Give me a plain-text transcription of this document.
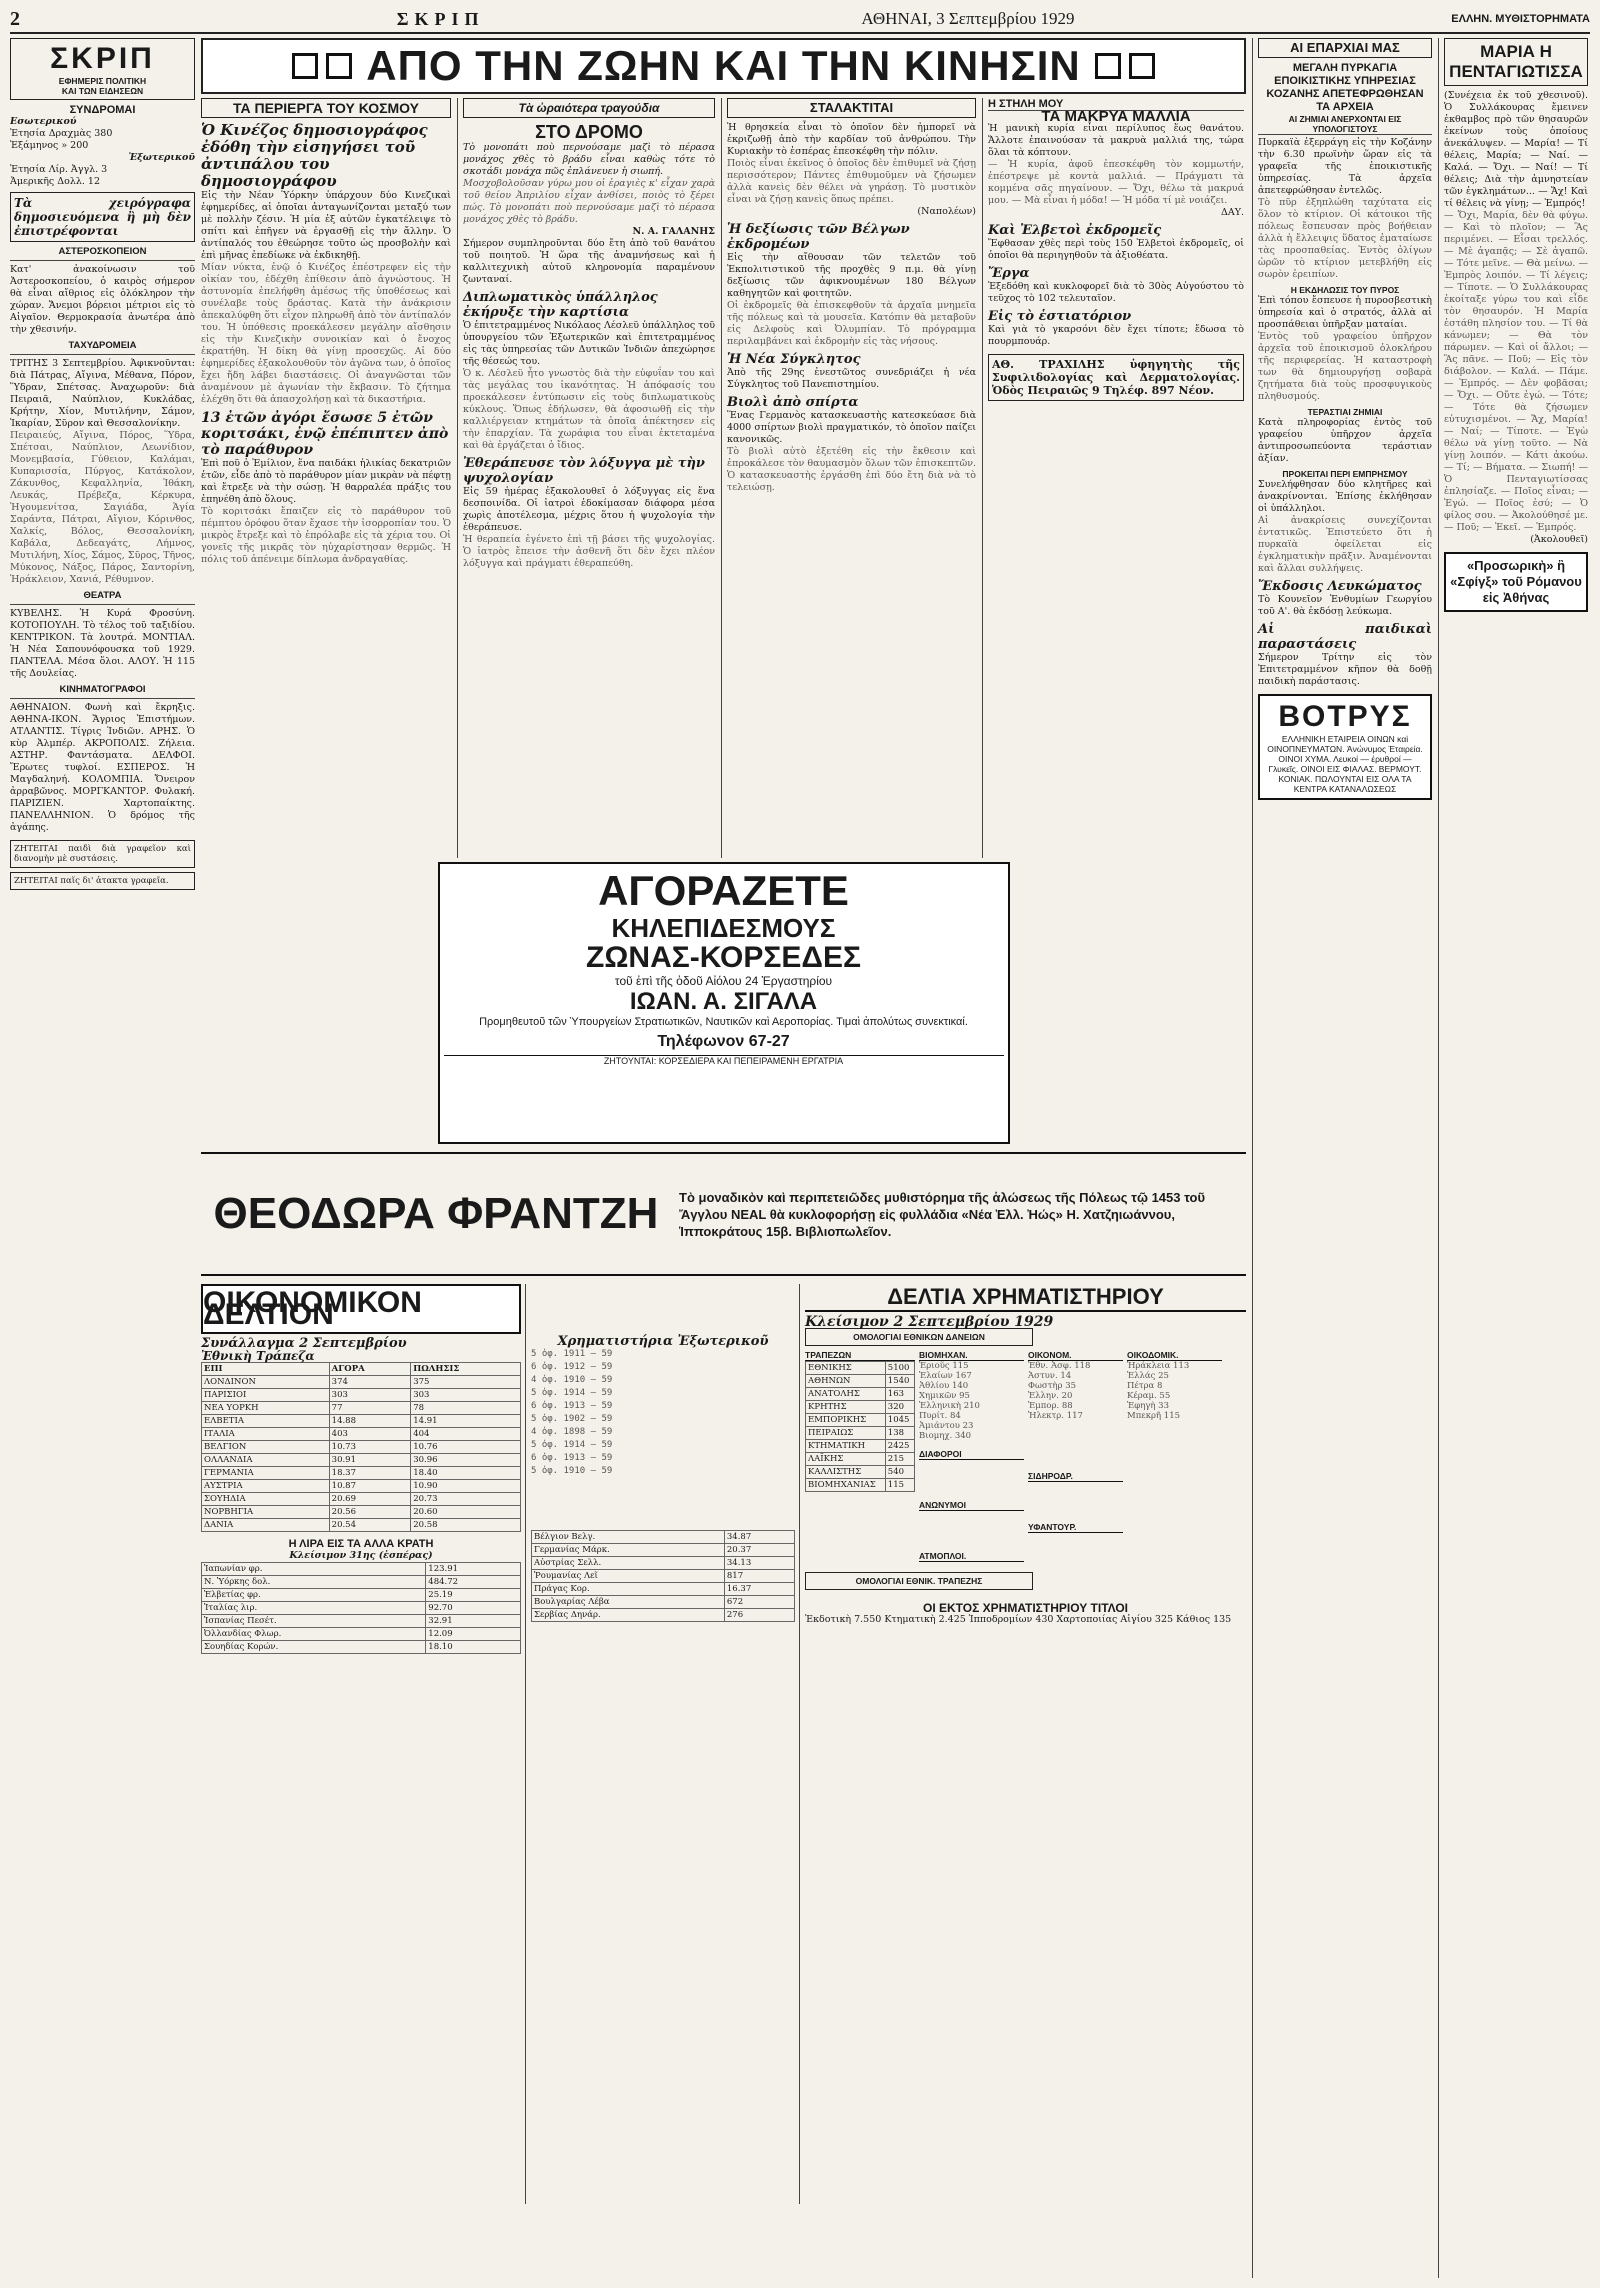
2	ΣΚΡΙΠ	ΑΘΗΝΑΙ, 3 Σεπτεμβρίου 1929	ΕΛΛΗΝ. ΜΥΘΙΣΤΟΡΗΜΑΤΑ
ΣΚΡΙΠ
ΕΦΗΜΕΡΙΣ ΠΟΛΙΤΙΚΗ
ΚΑΙ ΤΩΝ ΕΙΔΗΣΕΩΝ
ΣΥΝΔΡΟΜΑΙ
Εσωτερικού
Ἐτησία Δραχμὰς 380
Ἑξάμηνος » 200
Ἐξωτερικοῦ
Ἐτησία Λίρ. Ἀγγλ. 3
Ἀμερικῆς Δολλ. 12
Τὰ χειρόγραφα δημοσιευόμενα ἢ μὴ δὲν ἐπιστρέφονται
ΑΣΤΕΡΟΣΚΟΠΕΙΟΝ
Κατ' ἀνακοίνωσιν τοῦ Ἀστεροσκοπείου, ὁ καιρὸς σήμερον θὰ εἶναι αἴθριος εἰς ὁλόκληρον τὴν χώραν. Ἄνεμοι βόρειοι μέτριοι εἰς τὸ Αἰγαῖον. Θερμοκρασία ἀνωτέρα ἀπὸ τὴν χθεσινήν.
ΤΑΧΥΔΡΟΜΕΙΑ
ΤΡΙΤΗΣ 3 Σεπτεμβρίου. Ἀφικνοῦνται: διὰ Πάτρας, Αἴγινα, Μέθανα, Πόρον, Ὕδραν, Σπέτσας. Ἀναχωροῦν: διὰ Πειραιᾶ, Ναύπλιον, Κυκλάδας, Κρήτην, Χίον, Μυτιλήνην, Σάμον, Ἰκαρίαν, Σῦρον καὶ Θεσσαλονίκην.
Πειραιεύς, Αἴγινα, Πόρος, Ὕδρα, Σπέτσαι, Ναύπλιον, Λεωνίδιον, Μονεμβασία, Γύθειον, Καλάμαι, Κυπαρισσία, Πύργος, Κατάκολον, Ζάκυνθος, Κεφαλληνία, Ἰθάκη, Λευκάς, Πρέβεζα, Κέρκυρα, Ἠγουμενίτσα, Σαγιάδα, Ἁγία Σαράντα, Πάτραι, Αἴγιον, Κόρινθος, Χαλκίς, Βόλος, Θεσσαλονίκη, Καβάλα, Δεδεαγάτς, Λήμνος, Μυτιλήνη, Χίος, Σάμος, Σῦρος, Τῆνος, Μύκονος, Νάξος, Πάρος, Σαντορίνη, Ἡράκλειον, Χανιά, Ρέθυμνον.
ΘΕΑΤΡΑ
ΚΥΒΕΛΗΣ. Ἡ Κυρά Φροσύνη. ΚΟΤΟΠΟΥΛΗ. Τὸ τέλος τοῦ ταξιδίου. ΚΕΝΤΡΙΚΟΝ. Τὰ λουτρά. ΜΟΝΤΙΑΛ. Ἡ Νέα Σαπουνόφουσκα τοῦ 1929. ΠΑΝΤΕΛΑ. Μέσα ὅλοι. ΑΛΟΥ. Ἡ 115 τῆς Δουλείας.
ΚΙΝΗΜΑΤΟΓΡΑΦΟΙ
ΑΘΗΝΑΙΟΝ. Φωνὴ καὶ ἔκρηξις. ΑΘΗΝΑ-ΙΚΟΝ. Ἄγριος Ἐπιστήμων. ΑΤΛΑΝΤΙΣ. Τίγρις Ἰνδιῶν. ΑΡΗΣ. Ὁ κὺρ Ἀλμπέρ. ΑΚΡΟΠΟΛΙΣ. Ζήλεια. ΑΣΤΗΡ. Φαντάσματα. ΔΕΛΦΟΙ. Ἔρωτες τυφλοί. ΕΣΠΕΡΟΣ. Ἡ Μαγδαληνή. ΚΟΛΟΜΠΙΑ. Ὄνειρον ἀρραβῶνος. ΜΟΡΓΚΑΝΤΟΡ. Φυλακή. ΠΑΡΙΖΙΕΝ. Χαρτοπαίκτης. ΠΑΝΕΛΛΗΝΙΟΝ. Ὁ δρόμος τῆς ἀγάπης.
ΖΗΤΕΙΤΑΙ παιδὶ διὰ γραφεῖον καὶ διανομὴν μὲ συστάσεις.
ΖΗΤΕΙΤΑΙ παῖς δι' ἀτακτα γραφεῖα.
ΑΠΟ ΤΗΝ ΖΩΗΝ ΚΑΙ ΤΗΝ ΚΙΝΗΣΙΝ
ΤΑ ΠΕΡΙΕΡΓΑ ΤΟΥ ΚΟΣΜΟΥ
Ὁ Κινέζος δημοσιογράφος ἐδόθη τὴν εἰσηγήσει τοῦ ἀντιπάλου του δημοσιογράφου
Εἰς τὴν Νέαν Ὑόρκην ὑπάρχουν δύο Κινεζικαὶ ἐφημερίδες, αἱ ὁποῖαι ἀνταγωνίζονται μεταξύ των μὲ πολλὴν ζέσιν. Ἡ μία ἐξ αὐτῶν ἐγκατέλειψε τὸ σπίτι καὶ ἐπῆγεν νὰ ἐργασθῇ εἰς τὴν ἄλλην. Ὁ ἀντίπαλός του ἐθεώρησε τοῦτο ὡς προσβολὴν καὶ ἐπὶ μῆνας ἐπεδίωκε νὰ ἐκδικηθῇ.
Μίαν νύκτα, ἐνῷ ὁ Κινέζος ἐπέστρεφεν εἰς τὴν οἰκίαν του, ἐδέχθη ἐπίθεσιν ἀπὸ ἀγνώστους. Ἡ ἀστυνομία ἐπελήφθη ἀμέσως τῆς ὑποθέσεως καὶ συνέλαβε τοὺς δράστας. Κατὰ τὴν ἀνάκρισιν ἀπεκαλύφθη ὅτι εἶχον πληρωθῆ ἀπὸ τὸν ἀντίπαλόν του. Ἡ ὑπόθεσις προεκάλεσεν μεγάλην αἴσθησιν εἰς τὴν Κινεζικὴν συνοικίαν καὶ ὁ ἔνοχος ἐκρατήθη. Ἡ δίκη θὰ γίνῃ προσεχῶς. Αἱ δύο ἐφημερίδες ἐξακολουθοῦν τὸν ἀγῶνα των, ὁ ὁποῖος ἔχει ἤδη λάβει διαστάσεις. Οἱ ἀναγνῶσται τῶν ἀναμένουν μὲ ἀγωνίαν τὴν ἔκβασιν. Τὸ ζήτημα ἐλέχθη ὅτι θὰ ἀπασχολήσῃ καὶ τὰ δικαστήρια.
13 ἐτῶν ἀγόρι ἔσωσε 5 ἐτῶν κοριτσάκι, ἐνῷ ἐπέπιπτεν ἀπὸ τὸ παράθυρον
Ἐπὶ ποῦ ὁ Ἐμίλιον, ἕνα παιδάκι ἡλικίας δεκατριῶν ἐτῶν, εἶδε ἀπὸ τὸ παράθυρον μίαν μικρὰν νὰ πέφτῃ καὶ ἔτρεξε νὰ τὴν σώσῃ. Ἡ θαρραλέα πράξις του ἐπηνέθη ἀπὸ ὅλους.
Τὸ κοριτσάκι ἔπαιζεν εἰς τὸ παράθυρον τοῦ πέμπτου ὀρόφου ὅταν ἔχασε τὴν ἰσορροπίαν του. Ὁ μικρὸς ἔτρεξε καὶ τὸ ἐπρόλαβε εἰς τὰ χέρια του. Οἱ γονεῖς τῆς μικρᾶς τὸν ηὐχαρίστησαν θερμῶς. Ἡ πόλις τοῦ ἀπένειμε δίπλωμα ἀνδραγαθίας.
Τὰ ὡραιότερα τραγούδια
ΣΤΟ ΔΡΟΜΟ
Τὸ μονοπάτι ποὺ περνούσαμε μαζὶ τὸ πέρασα μονάχος χθὲς τὸ βράδυ εἶναι καθὼς τότε τὸ σκοτάδι μονάχα πῶς ἐπλάνευεν ἡ σιωπή.
Μοσχοβολοῦσαν γύρω μου οἱ ἐραγιὲς κ' εἶχαν χαρὰ τοῦ θείου Ἀπριλίου εἶχαν ἀνθίσει, ποιὸς τὸ ξέρει πώς. Τὸ μονοπάτι ποὺ περνούσαμε μαζὶ τὸ πέρασα μονάχος χθὲς τὸ βράδυ.
Ν. Α. ΓΑΛΑΝΗΣ
Σήμερον συμπληροῦνται δύο ἔτη ἀπὸ τοῦ θανάτου τοῦ ποιητοῦ. Ἡ ὥρα τῆς ἀναμνήσεως καὶ ἡ καλλιτεχνικὴ αὐτοῦ κληρονομία παραμένουν ζωνταναί.
Διπλωματικὸς ὑπάλληλος ἐκήρυξε τὴν καρτίσια
Ὁ ἐπιτετραμμένος Νικόλαος Λέσλεϋ ὑπάλληλος τοῦ ὑπουργείου τῶν Ἐξωτερικῶν καὶ ἐπιτετραμμένος εἰς τὰς ὑπηρεσίας τῶν Δυτικῶν Ἰνδιῶν ἀπεχώρησε τῆς θέσεώς του.
Ὁ κ. Λέσλεϋ ἦτο γνωστὸς διὰ τὴν εὐφυΐαν του καὶ τὰς μεγάλας του ἱκανότητας. Ἡ ἀπόφασίς του προεκάλεσεν ἐντύπωσιν εἰς τοὺς διπλωματικοὺς κύκλους. Ὅπως ἐδήλωσεν, θὰ ἀφοσιωθῇ εἰς τὴν καλλιέργειαν κτημάτων τὰ ὁποῖα ἀπέκτησεν εἰς τὴν ἐπαρχίαν. Τὰ χωράφια του εἶναι ἐκτεταμένα καὶ θὰ ἐργάζεται ὁ ἴδιος.
Ἐθεράπευσε τὸν λόξυγγα μὲ τὴν ψυχολογίαν
Εἰς 59 ἡμέρας ἐξακολουθεῖ ὁ λόξυγγας εἰς ἕνα δεσποινίδα. Οἱ ἰατροὶ ἐδοκίμασαν διάφορα μέσα χωρὶς ἀποτέλεσμα, μέχρις ὅτου ἡ ψυχολογία τὴν ἐθεράπευσε.
Ἡ θεραπεία ἐγένετο ἐπὶ τῇ βάσει τῆς ψυχολογίας. Ὁ ἰατρὸς ἔπεισε τὴν ἀσθενῆ ὅτι δὲν ἔχει πλέον λόξυγγα καὶ πράγματι ἐθεραπεύθη.
ΣΤΑΛΑΚΤΙΤΑΙ
Ἡ θρησκεία εἶναι τὸ ὁποῖον δὲν ἠμπορεῖ νὰ ἐκριζωθῇ ἀπὸ τὴν καρδίαν τοῦ ἀνθρώπου. Τὴν Κυριακὴν τὸ ἑσπέρας ἐπεσκέφθη τὴν πόλιν.
Ποιὸς εἶναι ἐκεῖνος ὁ ὁποῖος δὲν ἐπιθυμεῖ νὰ ζήσῃ περισσότερον; Πάντες ἐπιθυμοῦμεν νὰ ζήσωμεν ἀλλὰ κανεὶς δὲν θέλει νὰ γηράσῃ. Τὸ μυστικὸν εἶναι νὰ ζήσῃ κανεὶς ὅπως πρέπει.
(Ναπολέων)
Ἡ δεξίωσις τῶν Βέλγων ἐκδρομέων
Εἰς τὴν αἴθουσαν τῶν τελετῶν τοῦ Ἐκπολιτιστικοῦ τῆς προχθὲς 9 π.μ. θὰ γίνῃ δεξίωσις τῶν ἀφικνουμένων 180 Βέλγων καθηγητῶν καὶ φοιτητῶν.
Οἱ ἐκδρομεῖς θὰ ἐπισκεφθοῦν τὰ ἀρχαῖα μνημεῖα τῆς πόλεως καὶ τὰ μουσεῖα. Κατόπιν θὰ μεταβοῦν εἰς Δελφοὺς καὶ Ὀλυμπίαν. Τὸ πρόγραμμα περιλαμβάνει καὶ ἐκδρομὴν εἰς τὰς νήσους.
Ἡ Νέα Σύγκλητος
Ἀπὸ τῆς 29ης ἐνεστῶτος συνεδριάζει ἡ νέα Σύγκλητος τοῦ Πανεπιστημίου.
Βιολὶ ἀπὸ σπίρτα
Ἕνας Γερμανὸς κατασκευαστὴς κατεσκεύασε διὰ 4000 σπίρτων βιολὶ πραγματικόν, τὸ ὁποῖον παίζει κανονικῶς.
Τὸ βιολὶ αὐτὸ ἐξετέθη εἰς τὴν ἔκθεσιν καὶ ἐπροκάλεσε τὸν θαυμασμὸν ὅλων τῶν ἐπισκεπτῶν. Ὁ κατασκευαστὴς ἐργάσθη ἐπὶ δύο ἔτη διὰ νὰ τὸ τελειώσῃ.
Η ΣΤΗΛΗ ΜΟΥ
ΤΑ ΜΑΚΡΥΑ ΜΑΛΛΙΑ
Ἡ μανικὴ κυρία εἶναι περίλυπος ἕως θανάτου. Ἄλλοτε ἐπαινούσαν τὰ μακρυὰ μαλλιά της, τώρα ὅλαι τὰ κόπτουν.
— Ἡ κυρία, ἀφοῦ ἐπεσκέφθη τὸν κομμωτήν, ἐπέστρεψε μὲ κοντὰ μαλλιά. — Πράγματι τὰ κομμένα σᾶς πηγαίνουν. — Ὄχι, θέλω τὰ μακρυά μου. — Μὰ εἶναι ἡ μόδα! — Ἡ μόδα τί μὲ νοιάζει.
ΔΑΥ.
Καὶ Ἐλβετοὶ ἐκδρομεῖς
Ἔφθασαν χθὲς περὶ τοὺς 150 Ἐλβετοὶ ἐκδρομεῖς, οἱ ὁποῖοι θὰ περιηγηθοῦν τὰ ἀξιοθέατα.
Ἔργα
Ἐξεδόθη καὶ κυκλοφορεῖ διὰ τὸ 30ὸς Αὐγούστου τὸ τεῦχος τὸ 102 τελευταῖον.
Εἰς τὸ ἑστιατόριον
Καὶ γιὰ τὸ γκαρσόνι δὲν ἔχει τίποτε; ἔδωσα τὸ πουρμπουάρ.
ΑΘ. ΤΡΑΧΙΛΗΣ ὑφηγητὴς τῆς Συφιλιδολογίας καὶ Δερματολογίας. Ὁδὸς Πειραιῶς 9 Τηλέφ. 897 Νέον.
ΑΓΟΡΑΖΕΤΕ
ΚΗΛΕΠΙΔΕΣΜΟΥΣ
ΖΩΝΑΣ-ΚΟΡΣΕΔΕΣ
τοῦ ἐπὶ τῆς ὁδοῦ Αἰόλου 24 Ἐργαστηρίου
ΙΩΑΝ. Α. ΣΙΓΑΛΑ
Προμηθευτοῦ τῶν Ὑπουργείων Στρατιωτικῶν, Ναυτικῶν καὶ Αεροπορίας. Τιμαὶ ἀπολύτως συνεκτικαί.
Τηλέφωνον 67-27
ΖΗΤΟΥΝΤΑΙ: ΚΟΡΣΕΔΙΕΡΑ ΚΑΙ ΠΕΠΕΙΡΑΜΕΝΗ ΕΡΓΑΤΡΙΑ
ΘΕΟΔΩΡΑ ΦΡΑΝΤΖΗ	Τὸ μοναδικὸν καὶ περιπετειῶδες μυθιστόρημα τῆς ἁλώσεως τῆς Πόλεως τῷ 1453 τοῦ Ἄγγλου NEAL θὰ κυκλοφορήσῃ εἰς φυλλάδια «Νέα Ἐλλ. Ἠώς» Η. Χατζηιωάννου, Ἱπποκράτους 15β. Βιβλιοπωλεῖον.
ΟΙΚΟΝΟΜΙΚΟΝ ΔΕΛΤΙΟΝ
Συνάλλαγμα 2 Σεπτεμβρίου
Ἐθνικὴ Τράπεζα
ΕΠΙ	ΑΓΟΡΑ	ΠΩΛΗΣΙΣ
ΛΟΝΔΙΝΟΝ	374	375
ΠΑΡΙΣΙΟΙ	303	303
ΝΕΑ ΥΟΡΚΗ	77	78
ΕΛΒΕΤΙΑ	14.88	14.91
ΙΤΑΛΙΑ	403	404
ΒΕΛΓΙΟΝ	10.73	10.76
ΟΛΛΑΝΔΙΑ	30.91	30.96
ΓΕΡΜΑΝΙΑ	18.37	18.40
ΑΥΣΤΡΙΑ	10.87	10.90
ΣΟΥΗΔΙΑ	20.69	20.73
ΝΟΡΒΗΓΙΑ	20.56	20.60
ΔΑΝΙΑ	20.54	20.58
Η ΛΙΡΑ ΕΙΣ ΤΑ ΑΛΛΑ ΚΡΑΤΗ
Κλείσιμον 31ης (ἐσπέρας)
Ἰαπωνίαν φρ.	123.91
Ν. Ὑόρκης δολ.	484.72
Ἑλβετίας φρ.	25.19
Ἰταλίας λιρ.	92.70
Ἱσπανίας Πεσέτ.	32.91
Ὀλλανδίας Φλωρ.	12.09
Σουηδίας Κορών.	18.10
Χρηματιστήρια Ἐξωτερικοῦ
5 ὀφ. 1911 — 59
6 ὀφ. 1912 — 59
4 ὀφ. 1910 — 59
5 ὀφ. 1914 — 59
6 ὀφ. 1913 — 59
5 ὀφ. 1902 — 59
4 ὀφ. 1898 — 59
5 ὀφ. 1914 — 59
6 ὀφ. 1913 — 59
5 ὀφ. 1910 — 59
Βέλγιον Βελγ.	34.87
Γερμανίας Μάρκ.	20.37
Αὐστρίας Σελλ.	34.13
Ῥουμανίας Λεῖ	817
Πράγας Κορ.	16.37
Βουλγαρίας Λέβα	672
Σερβίας Δηνάρ.	276
ΔΕΛΤΙΑ ΧΡΗΜΑΤΙΣΤΗΡΙΟΥ
Κλείσιμον 2 Σεπτεμβρίου 1929
ΟΜΟΛΟΓΙΑΙ ΕΘΝΙΚΩΝ ΔΑΝΕΙΩΝ
ΤΡΑΠΕΖΩΝ
ΕΘΝΙΚΗΣ	5100
ΑΘΗΝΩΝ	1540
ΑΝΑΤΟΛΗΣ	163
ΚΡΗΤΗΣ	320
ΕΜΠΟΡΙΚΗΣ	1045
ΠΕΙΡΑΙΩΣ	138
ΚΤΗΜΑΤΙΚΗ	2425
ΛΑΪΚΗΣ	215
ΚΑΛΛΙΣΤΗΣ	540
ΒΙΟΜΗΧΑΝΙΑΣ	115
ΒΙΟΜΗΧΑΝ.
Ἐριοῦς 115
Ἐλαίων 167
Ἀθλίου 140
Χημικῶν 95
Ἐλληνικὴ 210
Πυρίτ. 84
Ἀμιάντου 23
Βιομηχ. 340
ΔΙΑΦΟΡΟΙ
ΑΝΩΝΥΜΟΙ
ΑΤΜΟΠΛΟΙ.
ΟΙΚΟΝΟΜ.
Ἐθν. Ἀσφ. 118
Ἀστυν. 14
Φωστὴρ 35
Ἑλλην. 20
Ἐμπορ. 88
Ἠλεκτρ. 117
ΣΙΔΗΡΟΔΡ.
ΥΦΑΝΤΟΥΡ.
ΟΙΚΟΔΟΜΙΚ.
Ἡράκλεια 113
Ἑλλάς 25
Πέτρα 8
Κέραμ. 55
Ἐφηγὴ 33
Μπεκρῆ 115
ΟΜΟΛΟΓΙΑΙ ΕΘΝΙΚ. ΤΡΑΠΕΖΗΣ
ΟΙ ΕΚΤΟΣ ΧΡΗΜΑΤΙΣΤΗΡΙΟΥ ΤΙΤΛΟΙ
Ἐκδοτικὴ 7.550 Κτηματικὴ 2.425 Ἱπποδρομίων 430 Χαρτοποιίας Αἰγίου 325 Κάθιος 135
ΑΙ ΕΠΑΡΧΙΑΙ ΜΑΣ
ΜΕΓΑΛΗ ΠΥΡΚΑΓΙΑ ΕΠΟΙΚΙΣΤΙΚΗΣ ΥΠΗΡΕΣΙΑΣ ΚΟΖΑΝΗΣ ΑΠΕΤΕΦΡΩΘΗΣΑΝ ΤΑ ΑΡΧΕΙΑ
ΑΙ ΖΗΜΙΑΙ ΑΝΕΡΧΟΝΤΑΙ ΕΙΣ ΥΠΟΛΟΓΙΣΤΟΥΣ
Πυρκαϊὰ ἐξερράγη εἰς τὴν Κοζάνην τὴν 6.30 πρωϊνὴν ὥραν εἰς τὰ γραφεῖα τῆς ἐποικιστικῆς ὑπηρεσίας. Τὰ ἀρχεῖα ἀπετεφρώθησαν ἐντελῶς.
Τὸ πῦρ ἐξηπλώθη ταχύτατα εἰς ὅλον τὸ κτίριον. Οἱ κάτοικοι τῆς πόλεως ἔσπευσαν πρὸς βοήθειαν ἀλλὰ ἡ ἔλλειψις ὕδατος ἐματαίωσε τὰς προσπαθείας. Ἐντὸς ὀλίγων ὡρῶν τὸ κτίριον μετεβλήθη εἰς σωρὸν ἐρειπίων.
Η ΕΚΔΗΛΩΣΙΣ ΤΟΥ ΠΥΡΟΣ
Ἐπὶ τόπου ἔσπευσε ἡ πυροσβεστικὴ ὑπηρεσία καὶ ὁ στρατός, ἀλλὰ αἱ προσπάθειαι ὑπῆρξαν ματαίαι.
Ἐντὸς τοῦ γραφείου ὑπῆρχον ἀρχεῖα τοῦ ἐποικισμοῦ ὁλοκλήρου τῆς περιφερείας. Ἡ καταστροφὴ των θὰ δημιουργήσῃ σοβαρὰ ζητήματα διὰ τοὺς προσφυγικοὺς πληθυσμούς.
ΤΕΡΑΣΤΙΑΙ ΖΗΜΙΑΙ
Κατὰ πληροφορίας ἐντὸς τοῦ γραφείου ὑπῆρχον ἀρχεῖα ἀντιπροσωπεύοντα τεράστιαν ἀξίαν.
ΠΡΟΚΕΙΤΑΙ ΠΕΡΙ ΕΜΠΡΗΣΜΟΥ
Συνελήφθησαν δύο κλητῆρες καὶ ἀνακρίνονται. Ἐπίσης ἐκλήθησαν οἱ ὑπάλληλοι.
Αἱ ἀνακρίσεις συνεχίζονται ἐντατικῶς. Ἐπιστεύετο ὅτι ἡ πυρκαϊὰ ὀφείλεται εἰς ἐγκληματικὴν πρᾶξιν. Ἀναμένονται καὶ ἄλλαι συλλήψεις.
Ἔκδοσις Λευκώματος
Τὸ Κουνεῖον Ἐνθυμίων Γεωργίου τοῦ Α'. θὰ ἐκδόσῃ λεύκωμα.
Αἱ παιδικαὶ παραστάσεις
Σήμερον Τρίτην εἰς τὸν Ἐπιτετραμμένον κῆπον θὰ δοθῇ παιδικὴ παράστασις.
ΒΟΤΡΥΣ
ΕΛΛΗΝΙΚΗ ΕΤΑΙΡΕΙΑ ΟΙΝΩΝ καὶ ΟΙΝΟΠΝΕΥΜΑΤΩΝ. Ἀνώνυμος Ἑταιρεία. ΟΙΝΟΙ ΧΥΜΑ. Λευκοί — ἐρυθροί — Γλυκεῖς. ΟΙΝΟΙ ΕΙΣ ΦΙΑΛΑΣ. ΒΕΡΜΟΥΤ. ΚΟΝΙΑΚ. ΠΩΛΟΥΝΤΑΙ ΕΙΣ ΟΛΑ ΤΑ ΚΕΝΤΡΑ ΚΑΤΑΝΑΛΩΣΕΩΣ
ΜΑΡΙΑ Η ΠΕΝΤΑΓΙΩΤΙΣΣΑ
(Συνέχεια ἐκ τοῦ χθεσινοῦ). Ὁ Συλλάκουρας ἔμεινεν ἐκθαμβος πρὸ τῶν θησαυρῶν ἐκείνων τοὺς ὁποίους ἀνεκάλυψεν. — Μαρία! — Τί θέλεις, Μαρία; — Ναί. — Καλά. — Ὄχι. — Ναί! — Τί θέλεις; Διὰ τὴν ἀμνηστείαν τῶν ἐγκλημάτων... — Ἄχ! Καὶ τί θέλεις νὰ γίνῃ; — Ἐμπρός!
— Ὄχι, Μαρία, δὲν θὰ φύγω. — Καὶ τὸ πλοῖον; — Ἂς περιμένει. — Εἶσαι τρελλός. — Μὲ ἀγαπᾷς; — Σὲ ἀγαπῶ. — Τότε μεῖνε. — Θὰ μείνω. — Ἐμπρὸς λοιπόν. — Τί λέγεις; — Τίποτε. — Ὁ Συλλάκουρας ἐκοίταξε γύρω του καὶ εἶδε τὸν θησαυρόν. Ἡ Μαρία ἐστάθη πλησίον του. — Τί θὰ κάνωμεν; — Θὰ τὸν πάρωμεν. — Καὶ οἱ ἄλλοι; — Ἂς πᾶνε. — Ποῦ; — Εἰς τὸν διάβολον. — Καλά. — Πάμε. — Ἐμπρός. — Δὲν φοβᾶσαι; — Ὄχι. — Οὔτε ἐγώ. — Τότε; — Τότε θὰ ζήσωμεν εὐτυχισμένοι. — Ἄχ, Μαρία! — Ναί; — Τίποτε. — Ἐγὼ θέλω νὰ γίνῃ τοῦτο. — Νὰ γίνῃ λοιπόν. — Κάτι ἀκούω. — Τί; — Βήματα. — Σιωπή! — Ὁ Πενταγιωτίσσας ἐπλησίαζε. — Ποῖος εἶναι; — Ἐγώ. — Ποῖος ἐσύ; — Ὁ φίλος σου. — Ἀκολούθησέ με. — Ποῦ; — Ἐκεῖ. — Ἐμπρός.
(Ἀκολουθεῖ)
«Προσωρικὴ» ἢ «Σφίγξ» τοῦ Ρόμανου εἰς Ἀθήνας
